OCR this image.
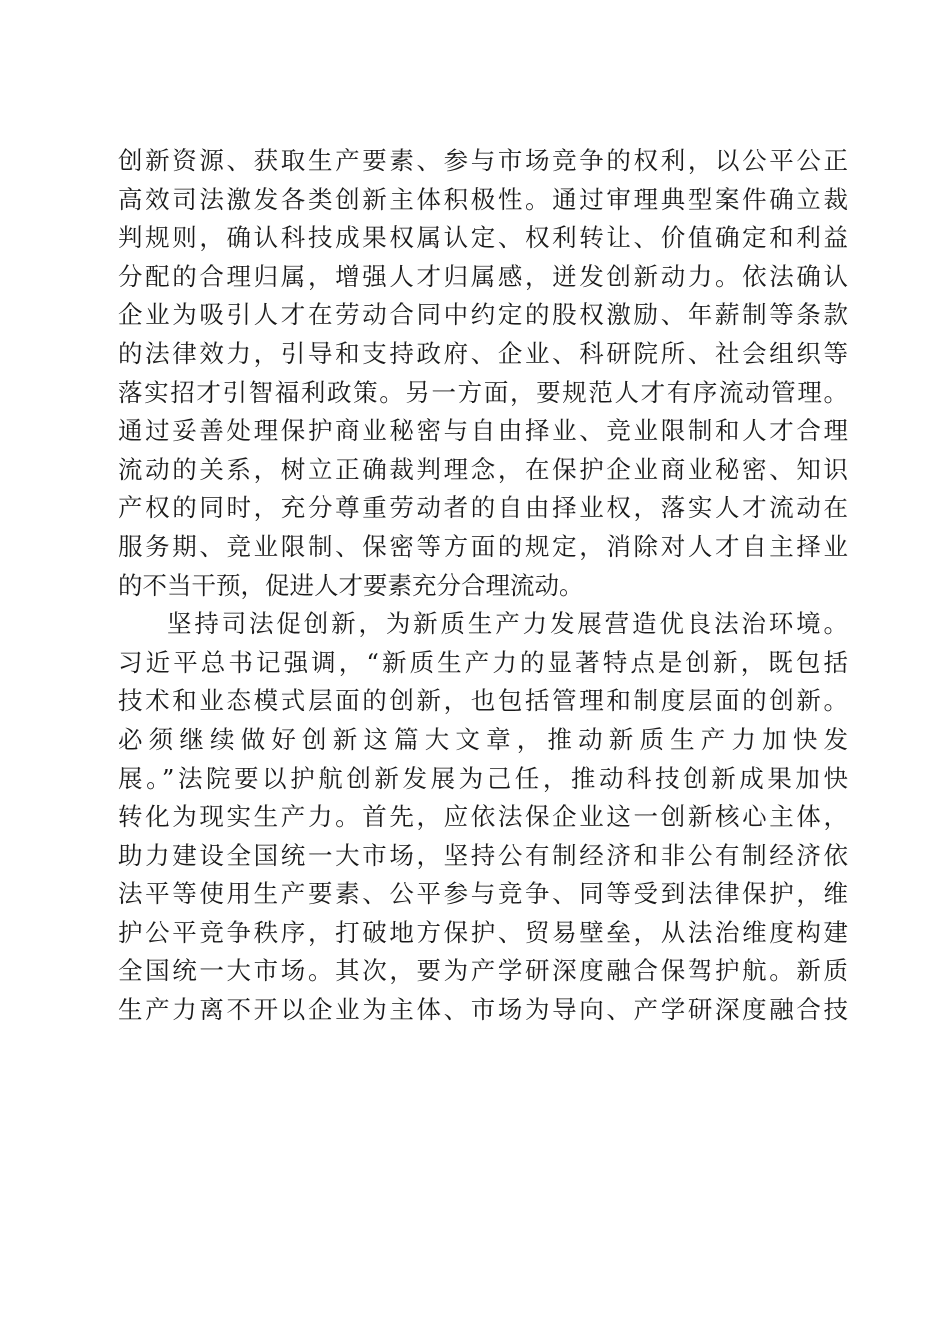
创新资源、获取生产要素、参与市场竞争的权利，以公平公正
高效司法激发各类创新主体积极性。通过审理典型案件确立裁
判规则，确认科技成果权属认定、权利转让、价值确定和利益
分配的合理归属，增强人才归属感，迸发创新动力。依法确认
企业为吸引人才在劳动合同中约定的股权激励、年薪制等条款
的法律效力，引导和支持政府、企业、科研院所、社会组织等
落实招才引智福利政策。另一方面，要规范人才有序流动管理。
通过妥善处理保护商业秘密与自由择业、竞业限制和人才合理
流动的关系，树立正确裁判理念，在保护企业商业秘密、知识
产权的同时，充分尊重劳动者的自由择业权，落实人才流动在
服务期、竞业限制、保密等方面的规定，消除对人才自主择业
的不当干预，促进人才要素充分合理流动。
坚持司法促创新，为新质生产力发展营造优良法治环境。
习近平总书记强调，“新质生产力的显著特点是创新，既包括
技术和业态模式层面的创新，也包括管理和制度层面的创新。
必须继续做好创新这篇大文章，推动新质生产力加快发
展。”法院要以护航创新发展为己任，推动科技创新成果加快
转化为现实生产力。首先，应依法保企业这一创新核心主体，
助力建设全国统一大市场，坚持公有制经济和非公有制经济依
法平等使用生产要素、公平参与竞争、同等受到法律保护，维
护公平竞争秩序，打破地方保护、贸易壁垒，从法治维度构建
全国统一大市场。其次，要为产学研深度融合保驾护航。新质
生产力离不开以企业为主体、市场为导向、产学研深度融合技
